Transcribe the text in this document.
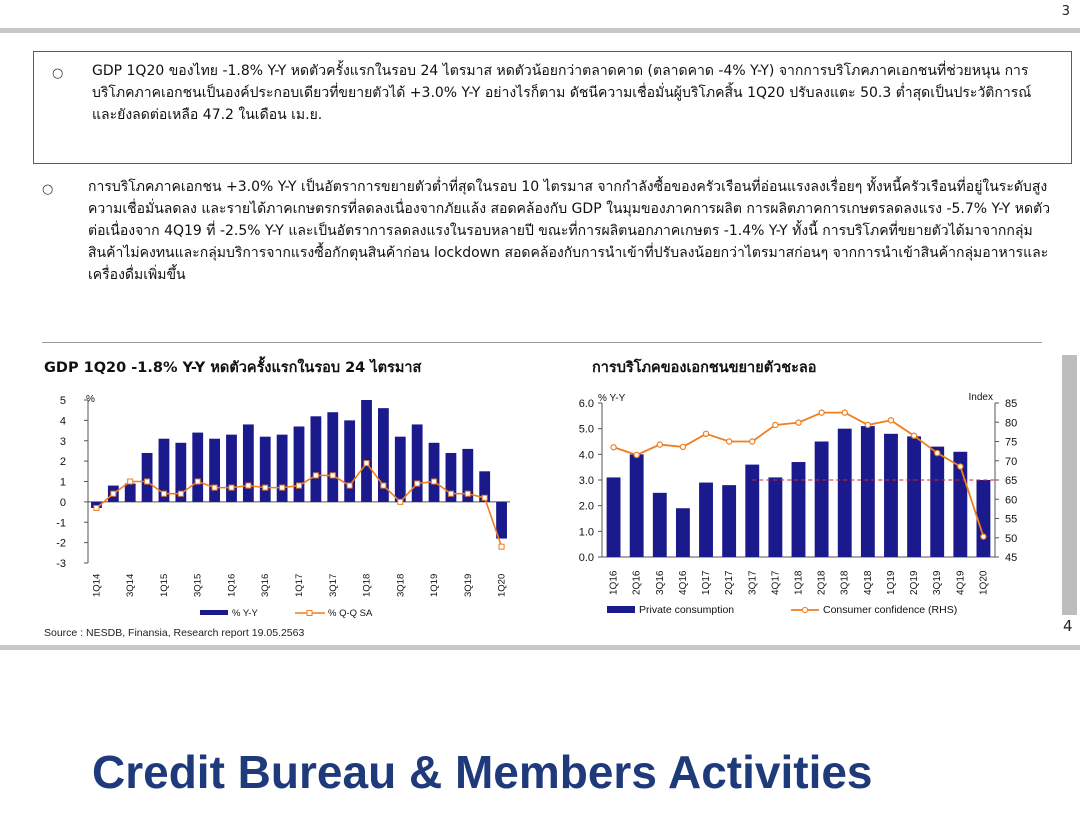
3
○ GDP 1Q20 ของไทย -1.8% Y-Y หดตัวครั้งแรกในรอบ 24 ไตรมาส หดตัวน้อยกว่าตลาดคาด (ตลาดคาด -4% Y-Y) จากการบริโภคภาคเอกชนที่ช่วยหนุน การบริโภคภาคเอกชนเป็นองค์ประกอบเดียวที่ขยายตัวได้ +3.0% Y-Y อย่างไรก็ตาม ดัชนีความเชื่อมั่นผู้บริโภคสิ้น 1Q20 ปรับลงแตะ 50.3 ต่ำสุดเป็นประวัติการณ์และยังลดต่อเหลือ 47.2 ในเดือน เม.ย.
○ การบริโภคภาคเอกชน +3.0% Y-Y เป็นอัตราการขยายตัวต่ำที่สุดในรอบ 10 ไตรมาส จากกำลังซื้อของครัวเรือนที่อ่อนแรงลงเรื่อยๆ ทั้งหนี้ครัวเรือนที่อยู่ในระดับสูง ความเชื่อมั่นลดลง และรายได้ภาคเกษตรกรที่ลดลงเนื่องจากภัยแล้ง สอดคล้องกับ GDP ในมุมของภาคการผลิต การผลิตภาคการเกษตรลดลงแรง -5.7% Y-Y หดตัวต่อเนื่องจาก 4Q19 ที่ -2.5% Y-Y และเป็นอัตราการลดลงแรงในรอบหลายปี ขณะที่การผลิตนอกภาคเกษตร -1.4% Y-Y ทั้งนี้ การบริโภคที่ขยายตัวได้มาจากกลุ่มสินค้าไม่คงทนและกลุ่มบริการจากแรงซื้อกักตุนสินค้าก่อน lockdown สอดคล้องกับการนำเข้าที่ปรับลงน้อยกว่าไตรมาสก่อนๆ จากการนำเข้าสินค้ากลุ่มอาหารและเครื่องดื่มเพิ่มขึ้น
GDP 1Q20 -1.8% Y-Y หดตัวครั้งแรกในรอบ 24 ไตรมาส	การบริโภคของเอกชนขยายตัวชะลอ
4
5
4
3
2
1
0
-1
-2
-3
%
1Q14 3Q14 1Q15 3Q15 1Q16 3Q16 1Q17 3Q17 1Q18 3Q18 1Q19 3Q19 1Q20
% Y-Y	% Q-Q SA
6.0
5.0
4.0
3.0
2.0
1.0
0.0
% Y-Y	85
80
75
70
65
60
55
50
45
Index
1Q16 2Q16 3Q16 4Q16 1Q17 2Q17 3Q17 4Q17 1Q18 2Q18 3Q18 4Q18 1Q19 2Q19 3Q19 4Q19 1Q20
Private consumption	Consumer confidence (RHS)
Source : NESDB, Finansia, Research report 19.05.2563
Credit Bureau & Members Activities
